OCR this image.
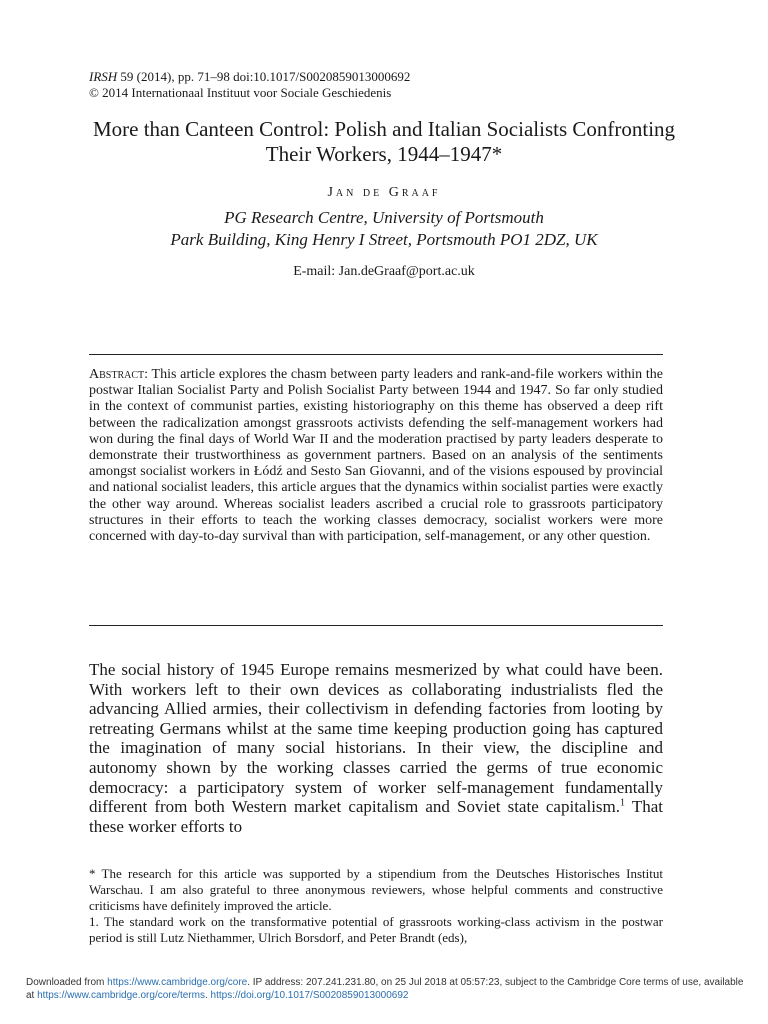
IRSH 59 (2014), pp. 71–98 doi:10.1017/S0020859013000692
© 2014 Internationaal Instituut voor Sociale Geschiedenis
More than Canteen Control: Polish and Italian Socialists Confronting Their Workers, 1944–1947*
Jan de Graaf
PG Research Centre, University of Portsmouth
Park Building, King Henry I Street, Portsmouth PO1 2DZ, UK
E-mail: Jan.deGraaf@port.ac.uk
Abstract: This article explores the chasm between party leaders and rank-and-file workers within the postwar Italian Socialist Party and Polish Socialist Party between 1944 and 1947. So far only studied in the context of communist parties, existing historiography on this theme has observed a deep rift between the radicalization amongst grassroots activists defending the self-management workers had won during the final days of World War II and the moderation practised by party leaders desperate to demonstrate their trustworthiness as government partners. Based on an analysis of the sentiments amongst socialist workers in Łódź and Sesto San Giovanni, and of the visions espoused by provincial and national socialist leaders, this article argues that the dynamics within socialist parties were exactly the other way around. Whereas socialist leaders ascribed a crucial role to grassroots participatory structures in their efforts to teach the working classes democracy, socialist workers were more concerned with day-to-day survival than with participation, self-management, or any other question.
The social history of 1945 Europe remains mesmerized by what could have been. With workers left to their own devices as collaborating industrialists fled the advancing Allied armies, their collectivism in defending factories from looting by retreating Germans whilst at the same time keeping production going has captured the imagination of many social historians. In their view, the discipline and autonomy shown by the working classes carried the germs of true economic democracy: a participatory system of worker self-management fundamentally different from both Western market capitalism and Soviet state capitalism.$^1$ That these worker efforts to

* The research for this article was supported by a stipendium from the Deutsches Historisches Institut Warschau. I am also grateful to three anonymous reviewers, whose helpful comments and constructive criticisms have definitely improved the article.

1. The standard work on the transformative potential of grassroots working-class activism in the postwar period is still Lutz Niethammer, Ulrich Borsdorf, and Peter Brandt (eds),

Downloaded from https://www.cambridge.org/core. IP address: 207.241.231.80, on 25 Jul 2018 at 05:57:23, subject to the Cambridge Core terms of use, available at https://www.cambridge.org/core/terms. https://doi.org/10.1017/S0020859013000692
